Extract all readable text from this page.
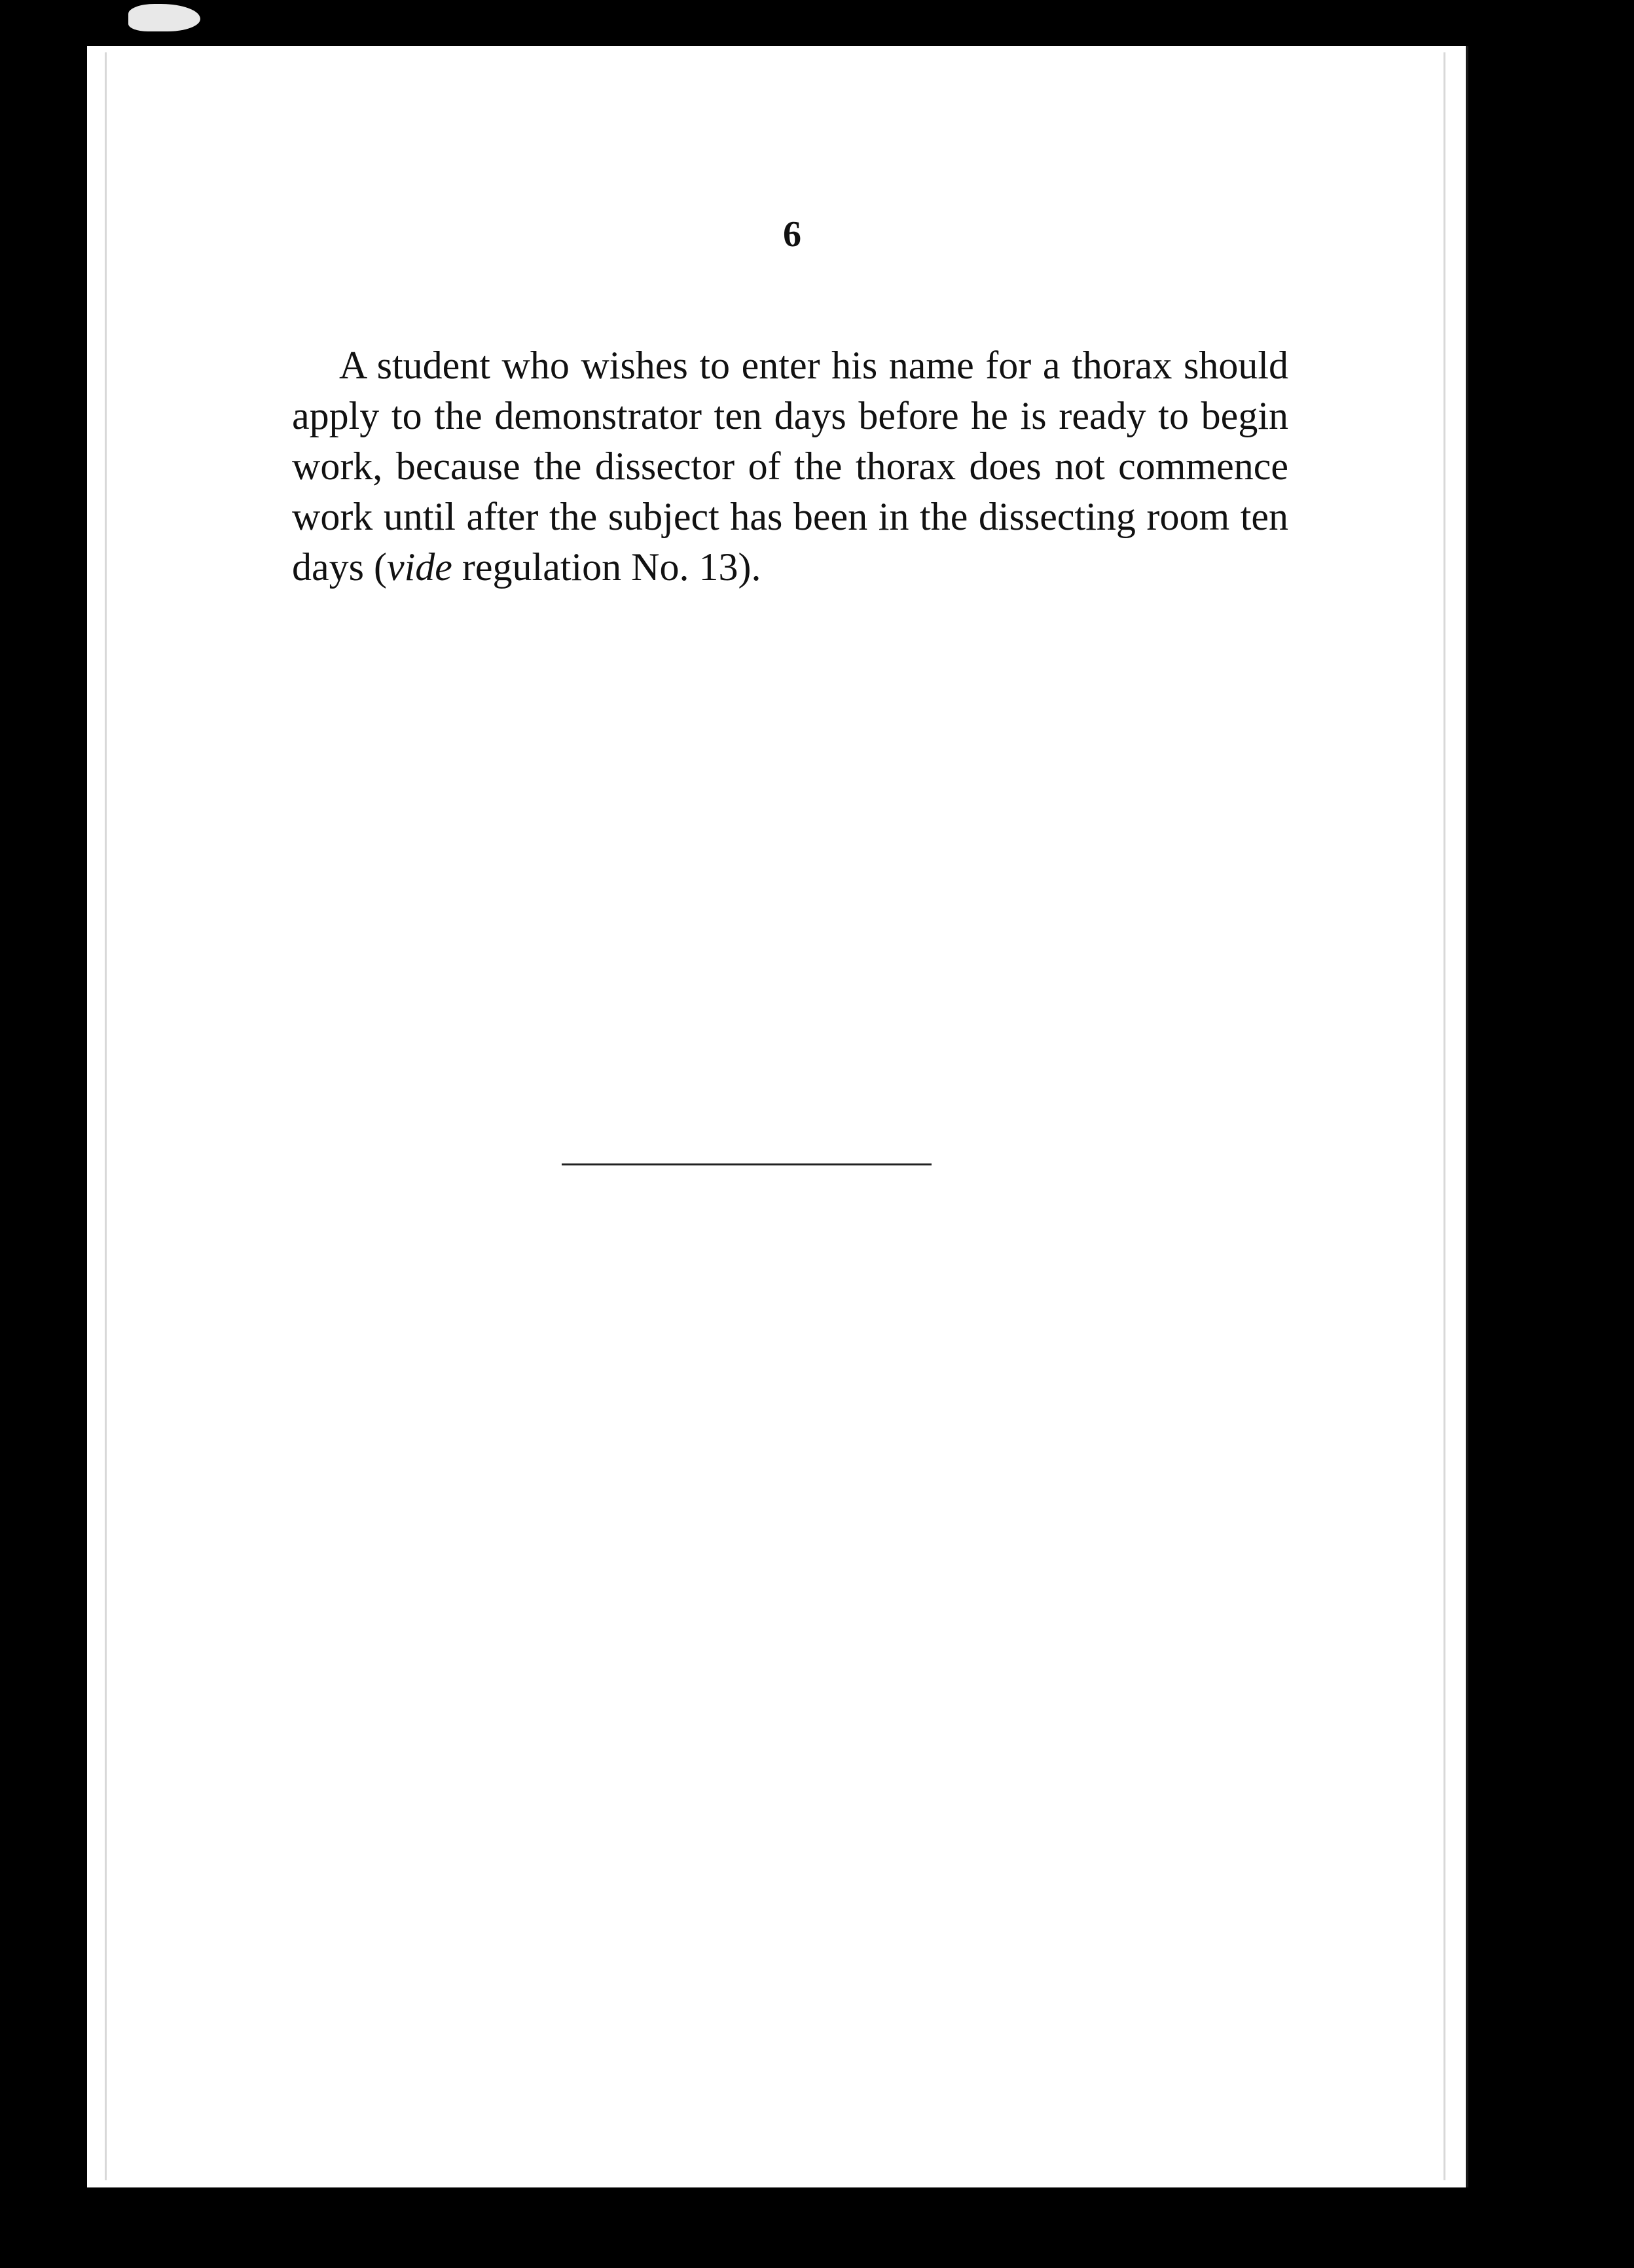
6

A student who wishes to enter his name for a thorax should apply to the demonstrator ten days before he is ready to begin work, because the dissector of the thorax does not commence work until after the subject has been in the dissecting room ten days (vide regulation No. 13).
